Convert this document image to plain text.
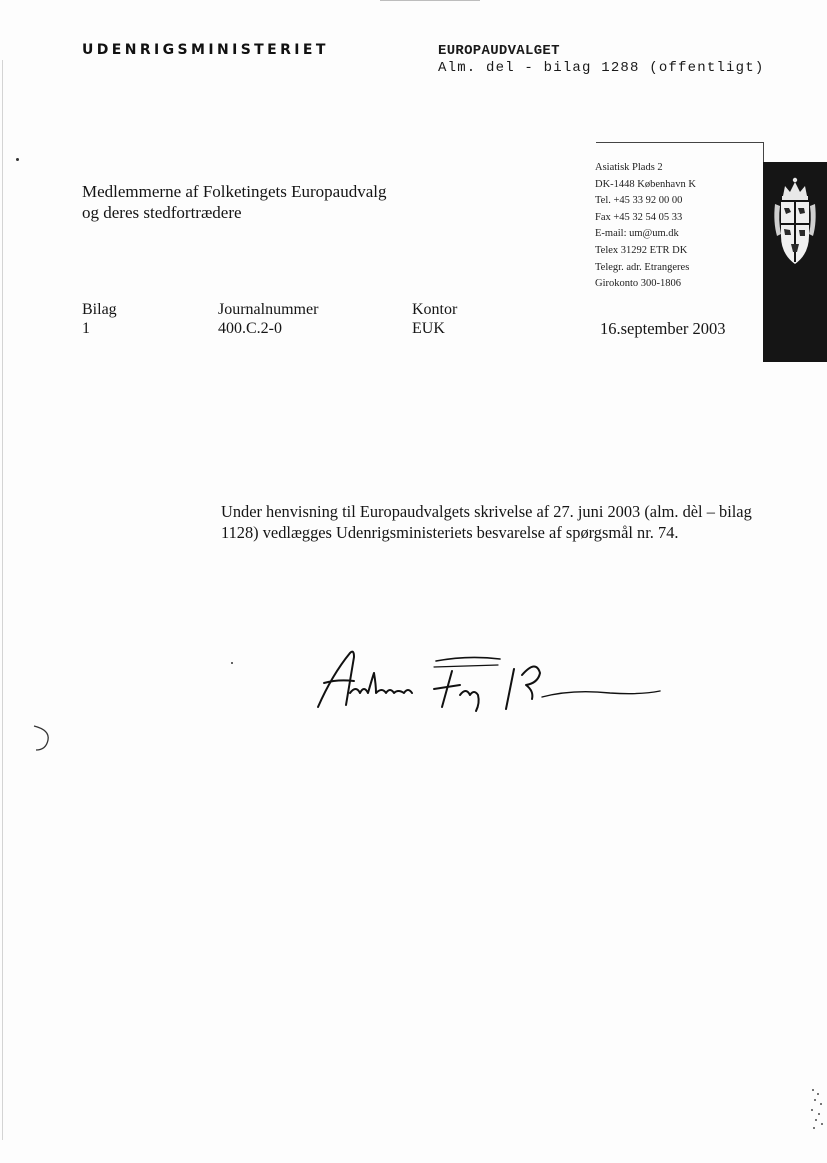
UDENRIGSMINISTERIET	EUROPAUDVALGET
Alm. del - bilag 1288 (offentligt)
Medlemmerne af Folketingets Europaudvalg
og deres stedfortrædere
Asiatisk Plads 2
DK-1448 København K
Tel. +45 33 92 00 00
Fax +45 32 54 05 33
E-mail: um@um.dk
Telex 31292 ETR DK
Telegr. adr. Etrangeres
Girokonto 300-1806
Bilag
1
Journalnummer
400.C.2-0
Kontor
EUK	16.september 2003
Under henvisning til Europaudvalgets skrivelse af 27. juni 2003 (alm. dèl – bilag 1128) vedlægges Udenrigsministeriets besvarelse af spørgsmål nr. 74.
